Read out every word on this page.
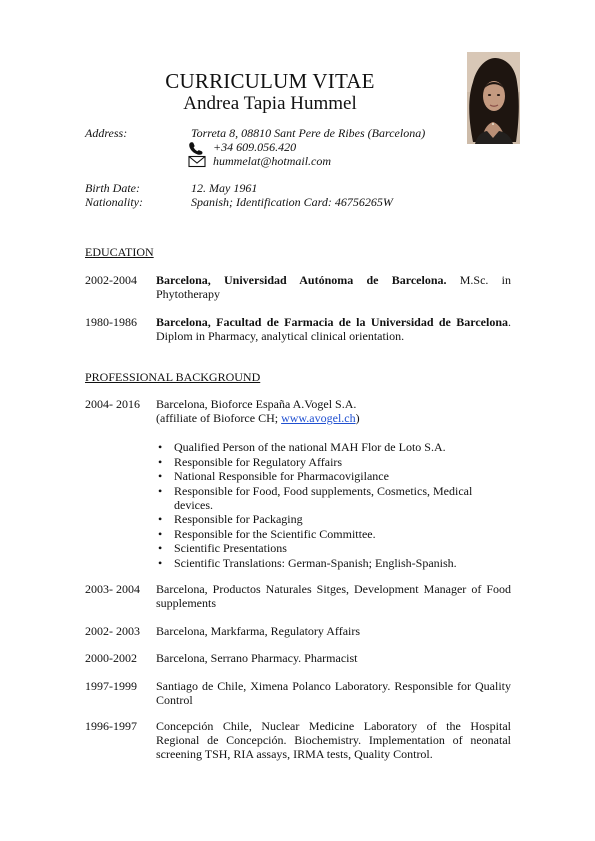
CURRICULUM VITAE
Andrea Tapia Hummel
Address:	Torreta 8, 08810 Sant Pere de Ribes (Barcelona)
+34 609.056.420
hummelat@hotmail.com
Birth Date:	12. May 1961
Nationality:	Spanish; Identification Card: 46756265W
EDUCATION
2002-2004 Barcelona, Universidad Autónoma de Barcelona. M.Sc. in Phytotherapy
1980-1986 Barcelona, Facultad de Farmacia de la Universidad de Barcelona. Diplom in Pharmacy, analytical clinical orientation.
PROFESSIONAL BACKGROUND
2004- 2016 Barcelona, Bioforce España A.Vogel S.A.

(affiliate of Bioforce CH; www.avogel.ch)

• Qualified Person of the national MAH Flor de Loto S.A.
• Responsible for Regulatory Affairs
• National Responsible for Pharmacovigilance
• Responsible for Food, Food supplements, Cosmetics, Medical devices.
• Responsible for Packaging
• Responsible for the Scientific Committee.
• Scientific Presentations
• Scientific Translations: German-Spanish; English-Spanish.
2003- 2004 Barcelona, Productos Naturales Sitges, Development Manager of Food supplements
2002- 2003 Barcelona, Markfarma, Regulatory Affairs
2000-2002 Barcelona, Serrano Pharmacy. Pharmacist
1997-1999 Santiago de Chile, Ximena Polanco Laboratory. Responsible for Quality Control
1996-1997 Concepción Chile, Nuclear Medicine Laboratory of the Hospital Regional de Concepción. Biochemistry. Implementation of neonatal screening TSH, RIA assays, IRMA tests, Quality Control.
